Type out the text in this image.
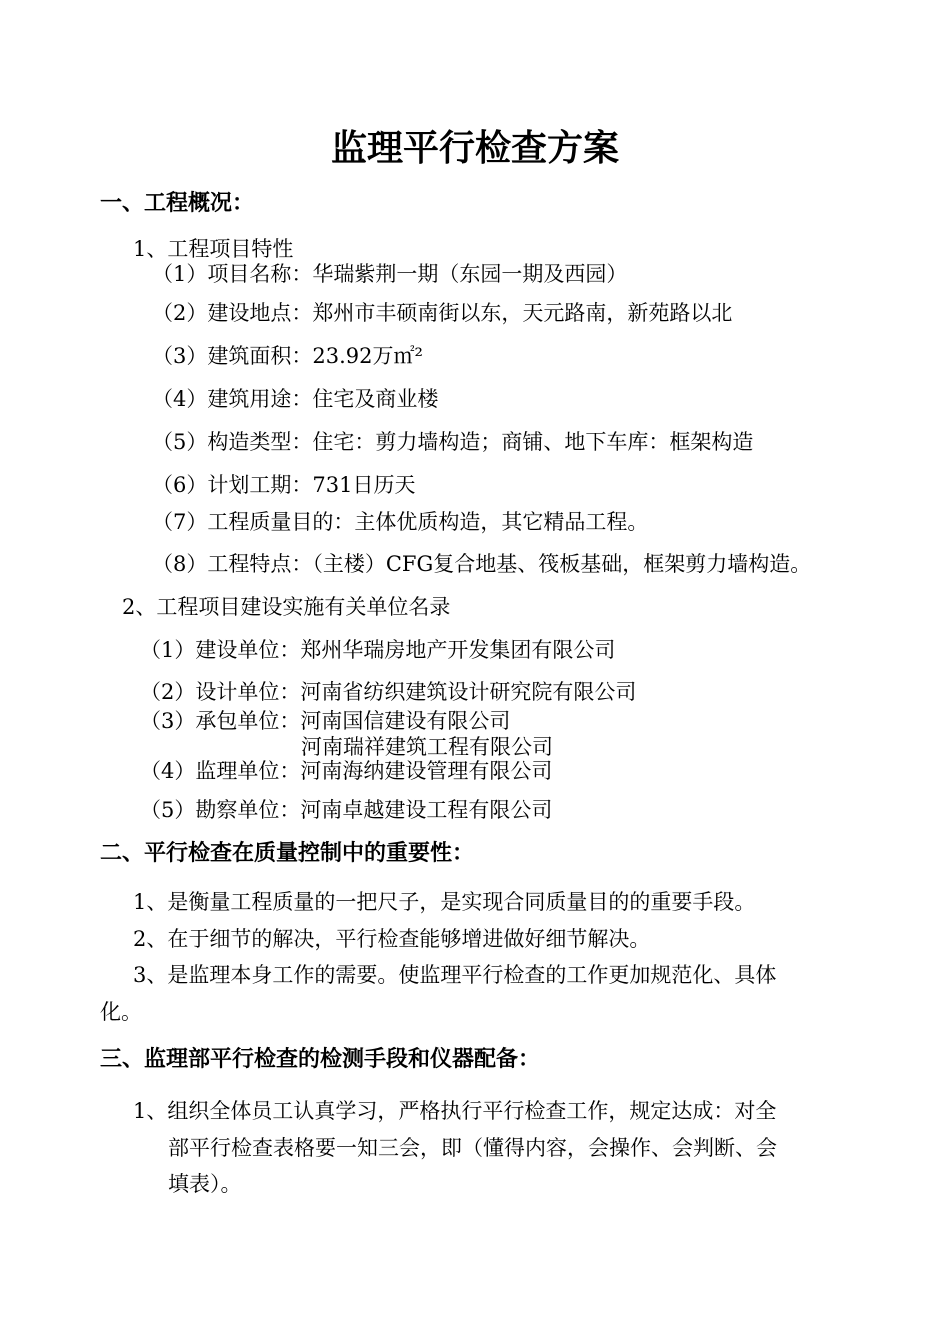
监理平行检查方案
一、工程概况：
1、工程项目特性
（1）项目名称：华瑞紫荆一期（东园一期及西园）
（2）建设地点：郑州市丰硕南街以东，天元路南，新苑路以北
（3）建筑面积：23.92万㎡²
（4）建筑用途：住宅及商业楼
（5）构造类型：住宅：剪力墙构造；商铺、地下车库：框架构造
（6）计划工期：731日历天
（7）工程质量目的：主体优质构造，其它精品工程。
（8）工程特点：（主楼）CFG复合地基、筏板基础，框架剪力墙构造。
2、工程项目建设实施有关单位名录
（1）建设单位：郑州华瑞房地产开发集团有限公司
（2）设计单位：河南省纺织建筑设计研究院有限公司
（3）承包单位：河南国信建设有限公司
河南瑞祥建筑工程有限公司
（4）监理单位：河南海纳建设管理有限公司
（5）勘察单位：河南卓越建设工程有限公司
二、平行检查在质量控制中的重要性：
1、是衡量工程质量的一把尺子，是实现合同质量目的的重要手段。
2、在于细节的解决，平行检查能够增进做好细节解决。
3、是监理本身工作的需要。使监理平行检查的工作更加规范化、具体
化。
三、监理部平行检查的检测手段和仪器配备：
1、组织全体员工认真学习，严格执行平行检查工作，规定达成：对全
部平行检查表格要一知三会，即（懂得内容，会操作、会判断、会
填表）。
